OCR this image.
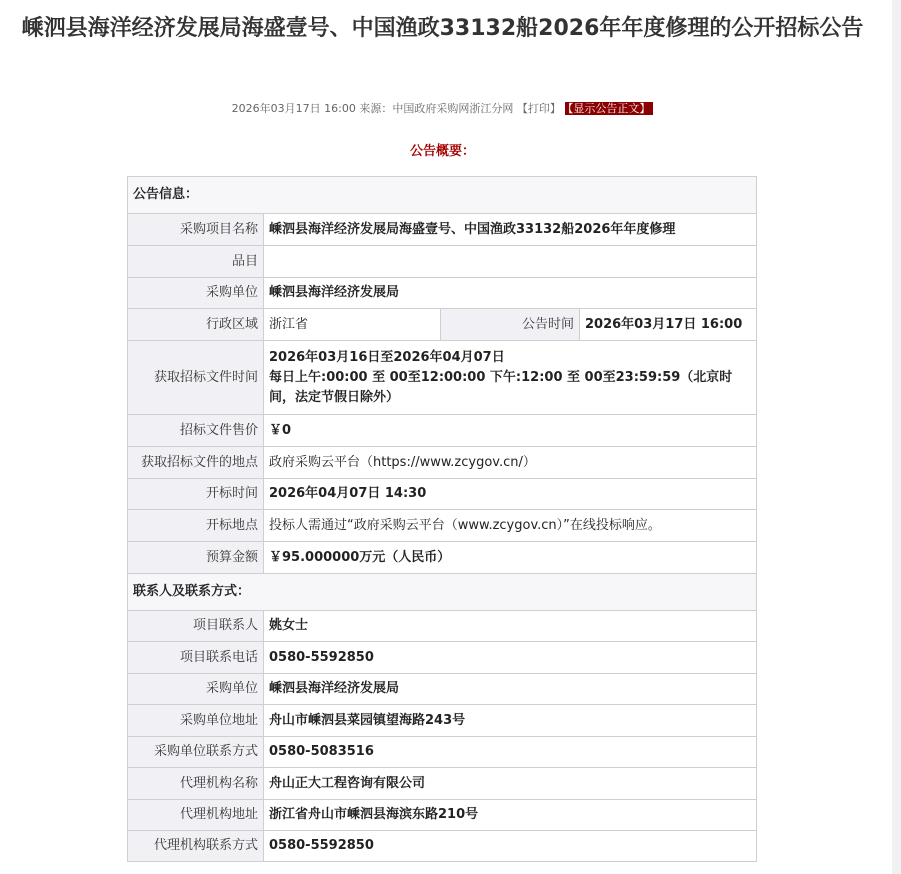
嵊泗县海洋经济发展局海盛壹号、中国渔政33132船2026年年度修理的公开招标公告
2026年03月17日 16:00 来源：中国政府采购网浙江分网 【打印】 【显示公告正文】
公告概要：
公告信息：			
采购项目名称	嵊泗县海洋经济发展局海盛壹号、中国渔政33132船2026年年度修理		
品目			
采购单位	嵊泗县海洋经济发展局		
行政区域	浙江省	公告时间	2026年03月17日 16:00
获取招标文件时间	2026年03月16日至2026年04月07日

每日上午:00:00 至 00至12:00:00 下午:12:00 至 00至23:59:59（北京时间，法定节假日除外）		

招标文件售价	￥0		
获取招标文件的地点	政府采购云平台（https://www.zcygov.cn/）		
开标时间	2026年04月07日 14:30		
开标地点	投标人需通过“政府采购云平台（www.zcygov.cn）”在线投标响应。		
预算金额	￥95.000000万元（人民币）		
联系人及联系方式：			
项目联系人	姚女士		
项目联系电话	0580-5592850		
采购单位	嵊泗县海洋经济发展局		
采购单位地址	舟山市嵊泗县菜园镇望海路243号		
采购单位联系方式	0580-5083516		
代理机构名称	舟山正大工程咨询有限公司		
代理机构地址	浙江省舟山市嵊泗县海滨东路210号		
代理机构联系方式	0580-5592850		
